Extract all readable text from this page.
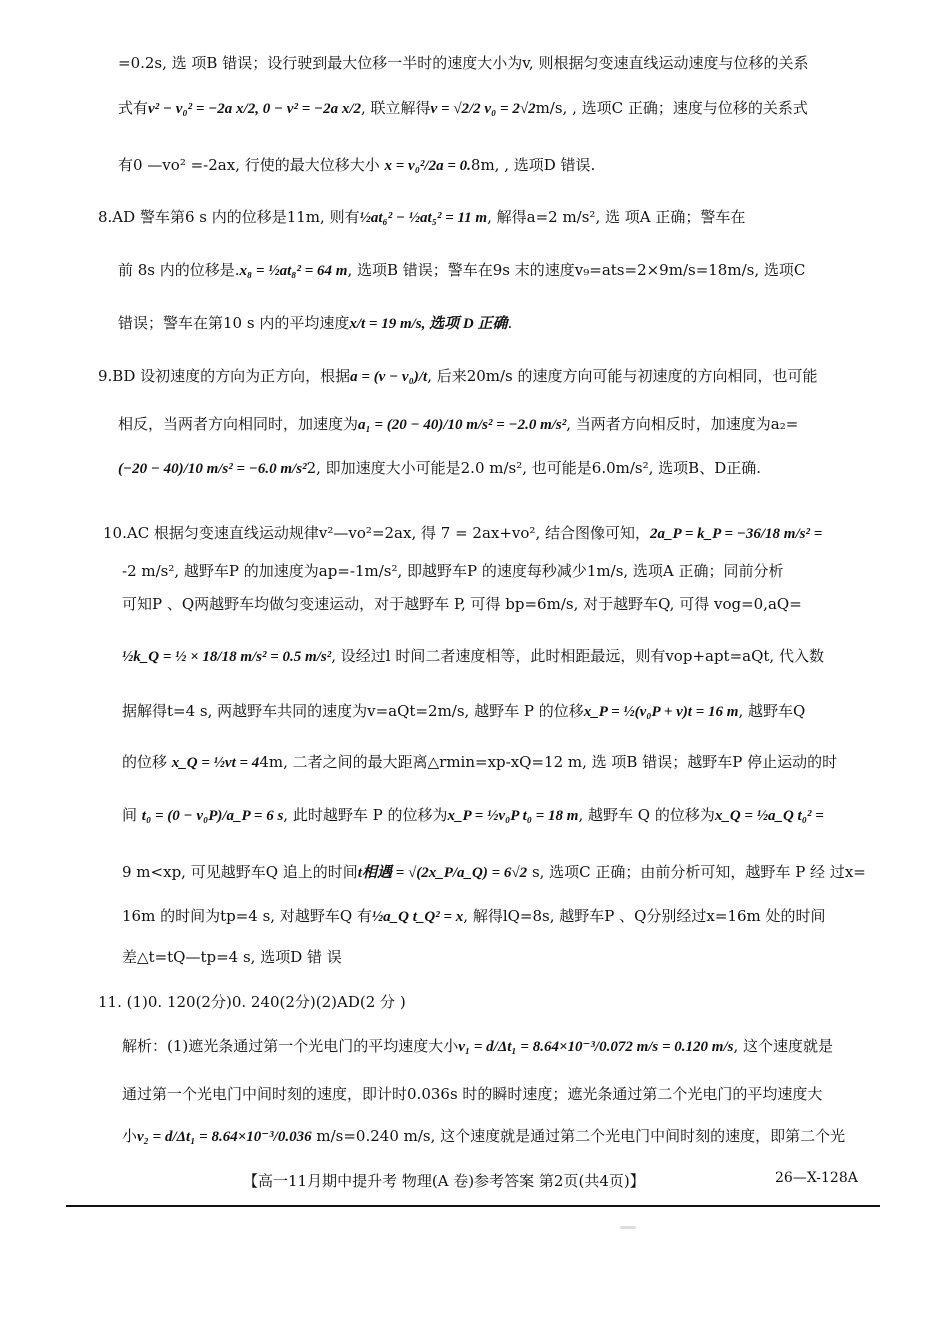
=0.2s, 选 项B 错误；设行驶到最大位移一半时的速度大小为v, 则根据匀变速直线运动速度与位移的关系
式有v² − v₀² = −2a x/2, 0 − v² = −2a x/2, 联立解得v = √2/2 v₀ = 2√2m/s, , 选项C 正确；速度与位移的关系式
有0 —vo² =-2ax, 行使的最大位移大小 x = v₀²/2a = 0.8m, , 选项D 错误.
8.AD 警车第6 s 内的位移是11m, 则有½at₆² − ½at₅² = 11 m, 解得a=2 m/s², 选 项A 正确；警车在
前 8s 内的位移是.x₈ = ½at₈² = 64 m, 选项B 错误；警车在9s 末的速度v₉=ats=2×9m/s=18m/s, 选项C
错误；警车在第10 s 内的平均速度x/t = 19 m/s, 选项 D 正确.
9.BD 设初速度的方向为正方向，根据a = (v − v₀)/t, 后来20m/s 的速度方向可能与初速度的方向相同，也可能
相反，当两者方向相同时，加速度为a₁ = (20 − 40)/10 m/s² = −2.0 m/s², 当两者方向相反时，加速度为a₂=
(−20 − 40)/10 m/s² = −6.0 m/s²2, 即加速度大小可能是2.0 m/s², 也可能是6.0m/s², 选项B、D正确.
10.AC 根据匀变速直线运动规律v²—vo²=2ax, 得 7 = 2ax+vo², 结合图像可知，2a_P = k_P = −36/18 m/s² =
-2 m/s², 越野车P 的加速度为ap=-1m/s², 即越野车P 的速度每秒减少1m/s, 选项A 正确；同前分析
可知P 、Q两越野车均做匀变速运动，对于越野车 P, 可得 bp=6m/s, 对于越野车Q, 可得 vog=0,aQ=
½k_Q = ½ × 18/18 m/s² = 0.5 m/s², 设经过l 时间二者速度相等，此时相距最远，则有vop+apt=aQt, 代入数
据解得t=4 s, 两越野车共同的速度为v=aQt=2m/s, 越野车 P 的位移x_P = ½(v₀P + v)t = 16 m, 越野车Q
的位移 x_Q = ½vt = 44m, 二者之间的最大距离△rmin=xp-xQ=12 m, 选 项B 错误；越野车P 停止运动的时
间 t₀ = (0 − v₀P)/a_P = 6 s, 此时越野车 P 的位移为x_P = ½v₀P t₀ = 18 m, 越野车 Q 的位移为x_Q = ½a_Q t₀² =
9 m<xp, 可见越野车Q 追上的时间t相遇 = √(2x_P/a_Q) = 6√2 s, 选项C 正确；由前分析可知，越野车 P 经 过x=
16m 的时间为tp=4 s, 对越野车Q 有½a_Q t_Q² = x, 解得lQ=8s, 越野车P 、Q分别经过x=16m 处的时间
差△t=tQ—tp=4 s, 选项D 错 误
11. (1)0. 120(2分)0. 240(2分)(2)AD(2 分 )
解析：(1)遮光条通过第一个光电门的平均速度大小v₁ = d/Δt₁ = 8.64×10⁻³/0.072 m/s = 0.120 m/s, 这个速度就是
通过第一个光电门中间时刻的速度，即计时0.036s 时的瞬时速度；遮光条通过第二个光电门的平均速度大
小v₂ = d/Δt₁ = 8.64×10⁻³/0.036 m/s=0.240 m/s, 这个速度就是通过第二个光电门中间时刻的速度，即第二个光
【高一11月期中提升考 物理(A 卷)参考答案 第2页(共4页)】	26—X-128A
